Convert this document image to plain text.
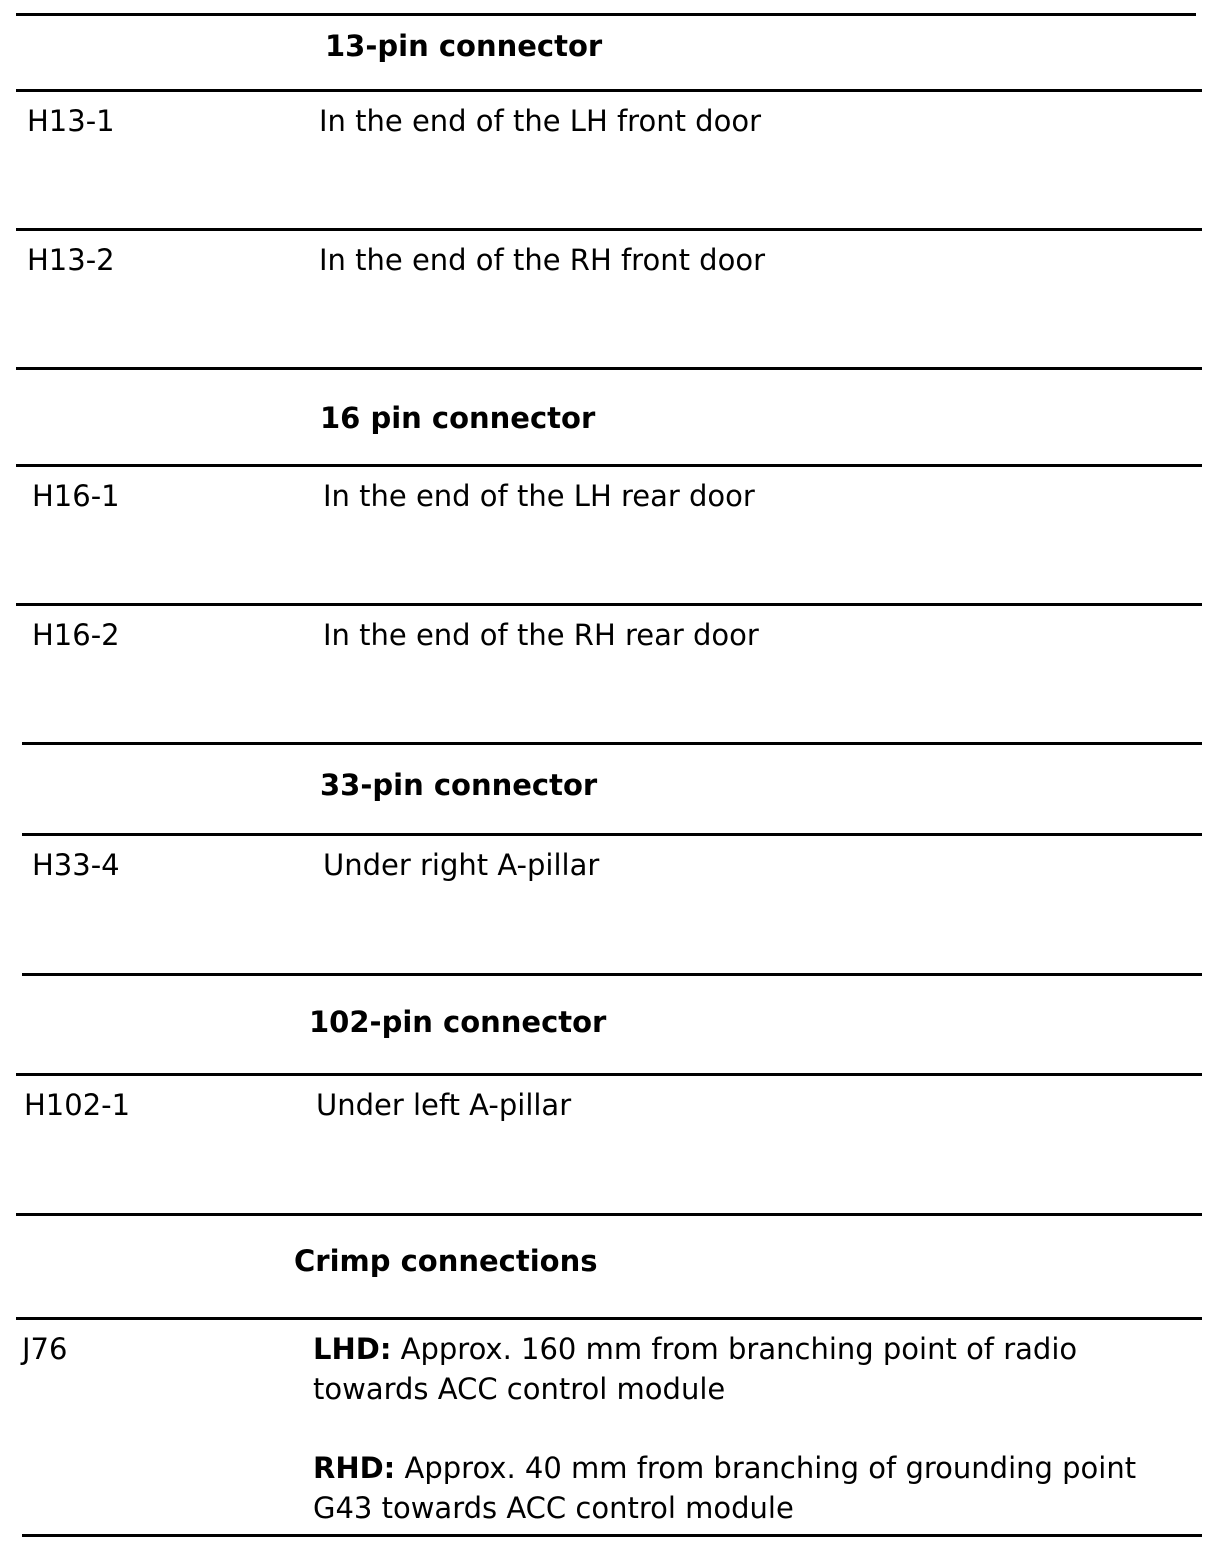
13-pin connector
H13-1	In the end of the LH front door
H13-2	In the end of the RH front door
16 pin connector
H16-1	In the end of the LH rear door
H16-2	In the end of the RH rear door
33-pin connector
H33-4	Under right A-pillar
102-pin connector
H102-1	Under left A-pillar
Crimp connections
J76	LHD: Approx. 160 mm from branching point of radio
towards ACC control module
RHD: Approx. 40 mm from branching of grounding point
G43 towards ACC control module
